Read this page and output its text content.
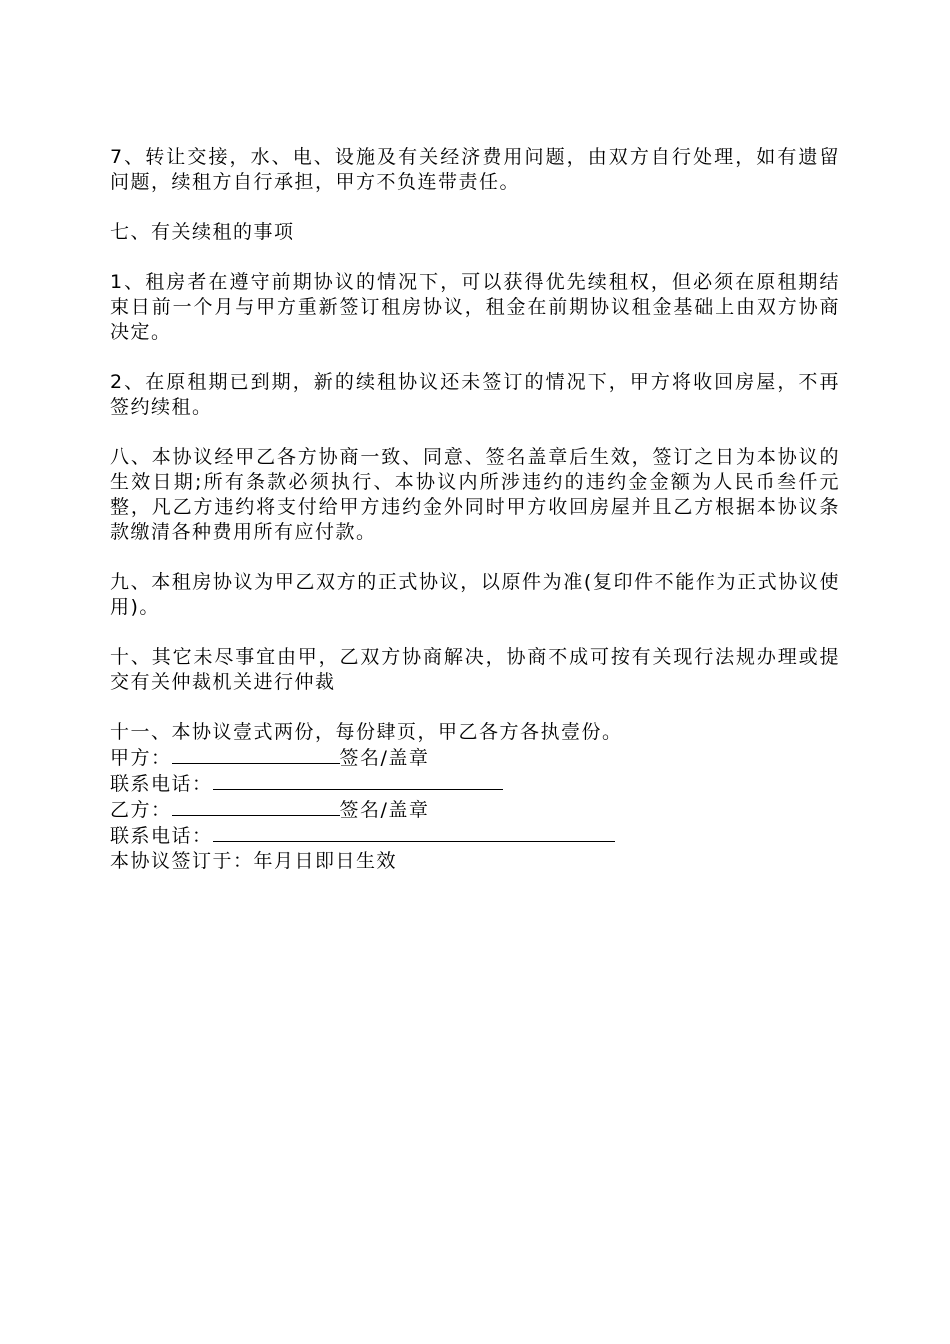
7、转让交接，水、电、设施及有关经济费用问题，由双方自行处理，如有遗留问题，续租方自行承担，甲方不负连带责任。

七、有关续租的事项

1、租房者在遵守前期协议的情况下，可以获得优先续租权，但必须在原租期结束日前一个月与甲方重新签订租房协议，租金在前期协议租金基础上由双方协商决定。

2、在原租期已到期，新的续租协议还未签订的情况下，甲方将收回房屋，不再签约续租。

八、本协议经甲乙各方协商一致、同意、签名盖章后生效，签订之日为本协议的生效日期;所有条款必须执行、本协议内所涉违约的违约金金额为人民币叁仟元整，凡乙方违约将支付给甲方违约金外同时甲方收回房屋并且乙方根据本协议条款缴清各种费用所有应付款。

九、本租房协议为甲乙双方的正式协议，以原件为准(复印件不能作为正式协议使用)。

十、其它未尽事宜由甲，乙双方协商解决，协商不成可按有关现行法规办理或提交有关仲裁机关进行仲裁

十一、本协议壹式两份，每份肆页，甲乙各方各执壹份。

甲方：	签名/盖章

联系电话：

乙方：	签名/盖章

联系电话：

本协议签订于：年月日即日生效
